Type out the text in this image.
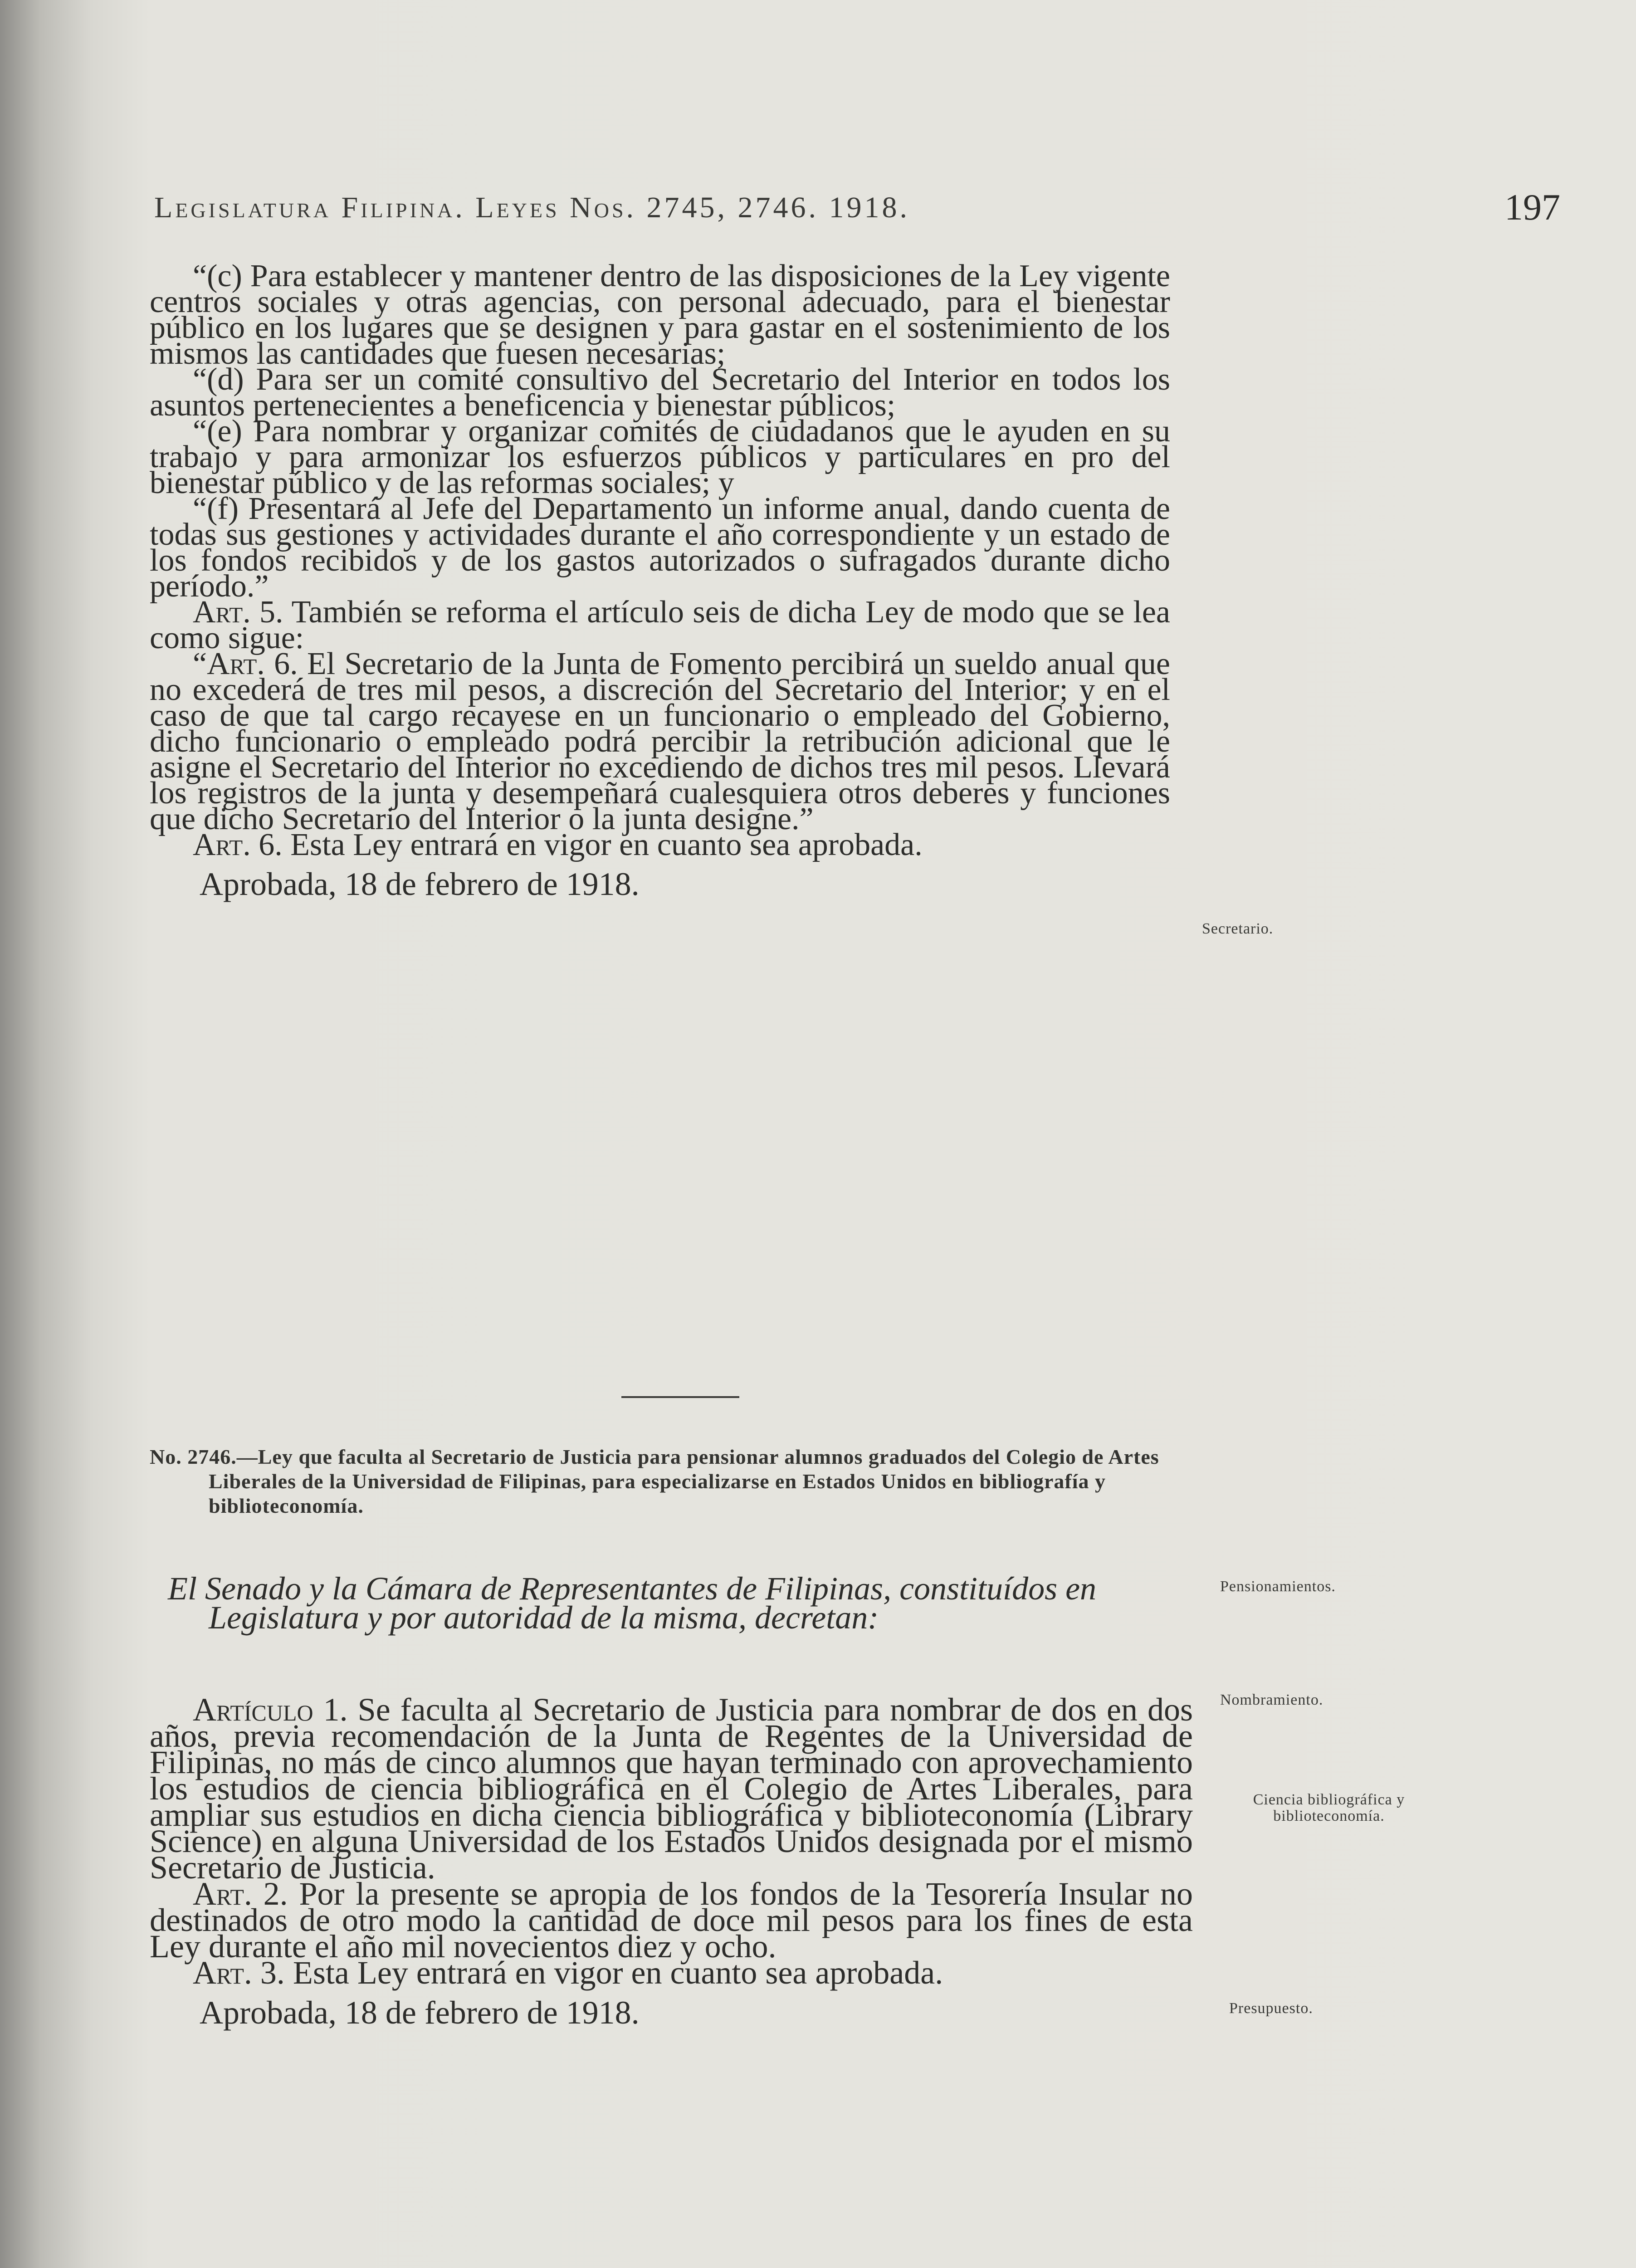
Legislatura Filipina. Leyes Nos. 2745, 2746. 1918.	197

“(c) Para establecer y mantener dentro de las disposiciones de la Ley vigente centros sociales y otras agencias, con personal adecuado, para el bienestar público en los lugares que se designen y para gastar en el sostenimiento de los mismos las cantidades que fuesen necesarias;

“(d) Para ser un comité consultivo del Secretario del Interior en todos los asuntos pertenecientes a beneficencia y bienestar públicos;

“(e) Para nombrar y organizar comités de ciudadanos que le ayuden en su trabajo y para armonizar los esfuerzos públicos y particulares en pro del bienestar público y de las reformas sociales; y

“(f) Presentará al Jefe del Departamento un informe anual, dando cuenta de todas sus gestiones y actividades durante el año correspondiente y un estado de los fondos recibidos y de los gastos autorizados o sufragados durante dicho período.”

Art. 5. También se reforma el artículo seis de dicha Ley de modo que se lea como sigue:

“Art. 6. El Secretario de la Junta de Fomento percibirá un sueldo anual que no excederá de tres mil pesos, a discreción del Secretario del Interior; y en el caso de que tal cargo recayese en un funcionario o empleado del Gobierno, dicho funcionario o empleado podrá percibir la retribución adicional que le asigne el Secretario del Interior no excediendo de dichos tres mil pesos. Llevará los registros de la junta y desempeñará cualesquiera otros deberes y funciones que dicho Secretario del Interior o la junta designe.”

Art. 6. Esta Ley entrará en vigor en cuanto sea aprobada.

Aprobada, 18 de febrero de 1918.

No. 2746.—Ley que faculta al Secretario de Justicia para pensionar alumnos graduados del Colegio de Artes Liberales de la Universidad de Filipinas, para especializarse en Estados Unidos en bibliografía y biblioteconomía.

El Senado y la Cámara de Representantes de Filipinas, constituídos en Legislatura y por autoridad de la misma, decretan:

Artículo 1. Se faculta al Secretario de Justicia para nombrar de dos en dos años, previa recomendación de la Junta de Regentes de la Universidad de Filipinas, no más de cinco alumnos que hayan terminado con aprovechamiento los estudios de ciencia bibliográfica en el Colegio de Artes Liberales, para ampliar sus estudios en dicha ciencia bibliográfica y biblioteconomía (Library Science) en alguna Universidad de los Estados Unidos designada por el mismo Secretario de Justicia.

Art. 2. Por la presente se apropia de los fondos de la Tesorería Insular no destinados de otro modo la cantidad de doce mil pesos para los fines de esta Ley durante el año mil novecientos diez y ocho.

Art. 3. Esta Ley entrará en vigor en cuanto sea aprobada.

Aprobada, 18 de febrero de 1918.

Secretario.
Pensionamientos.
Nombramiento.
Ciencia bibliográfica y biblioteconomía.
Presupuesto.
